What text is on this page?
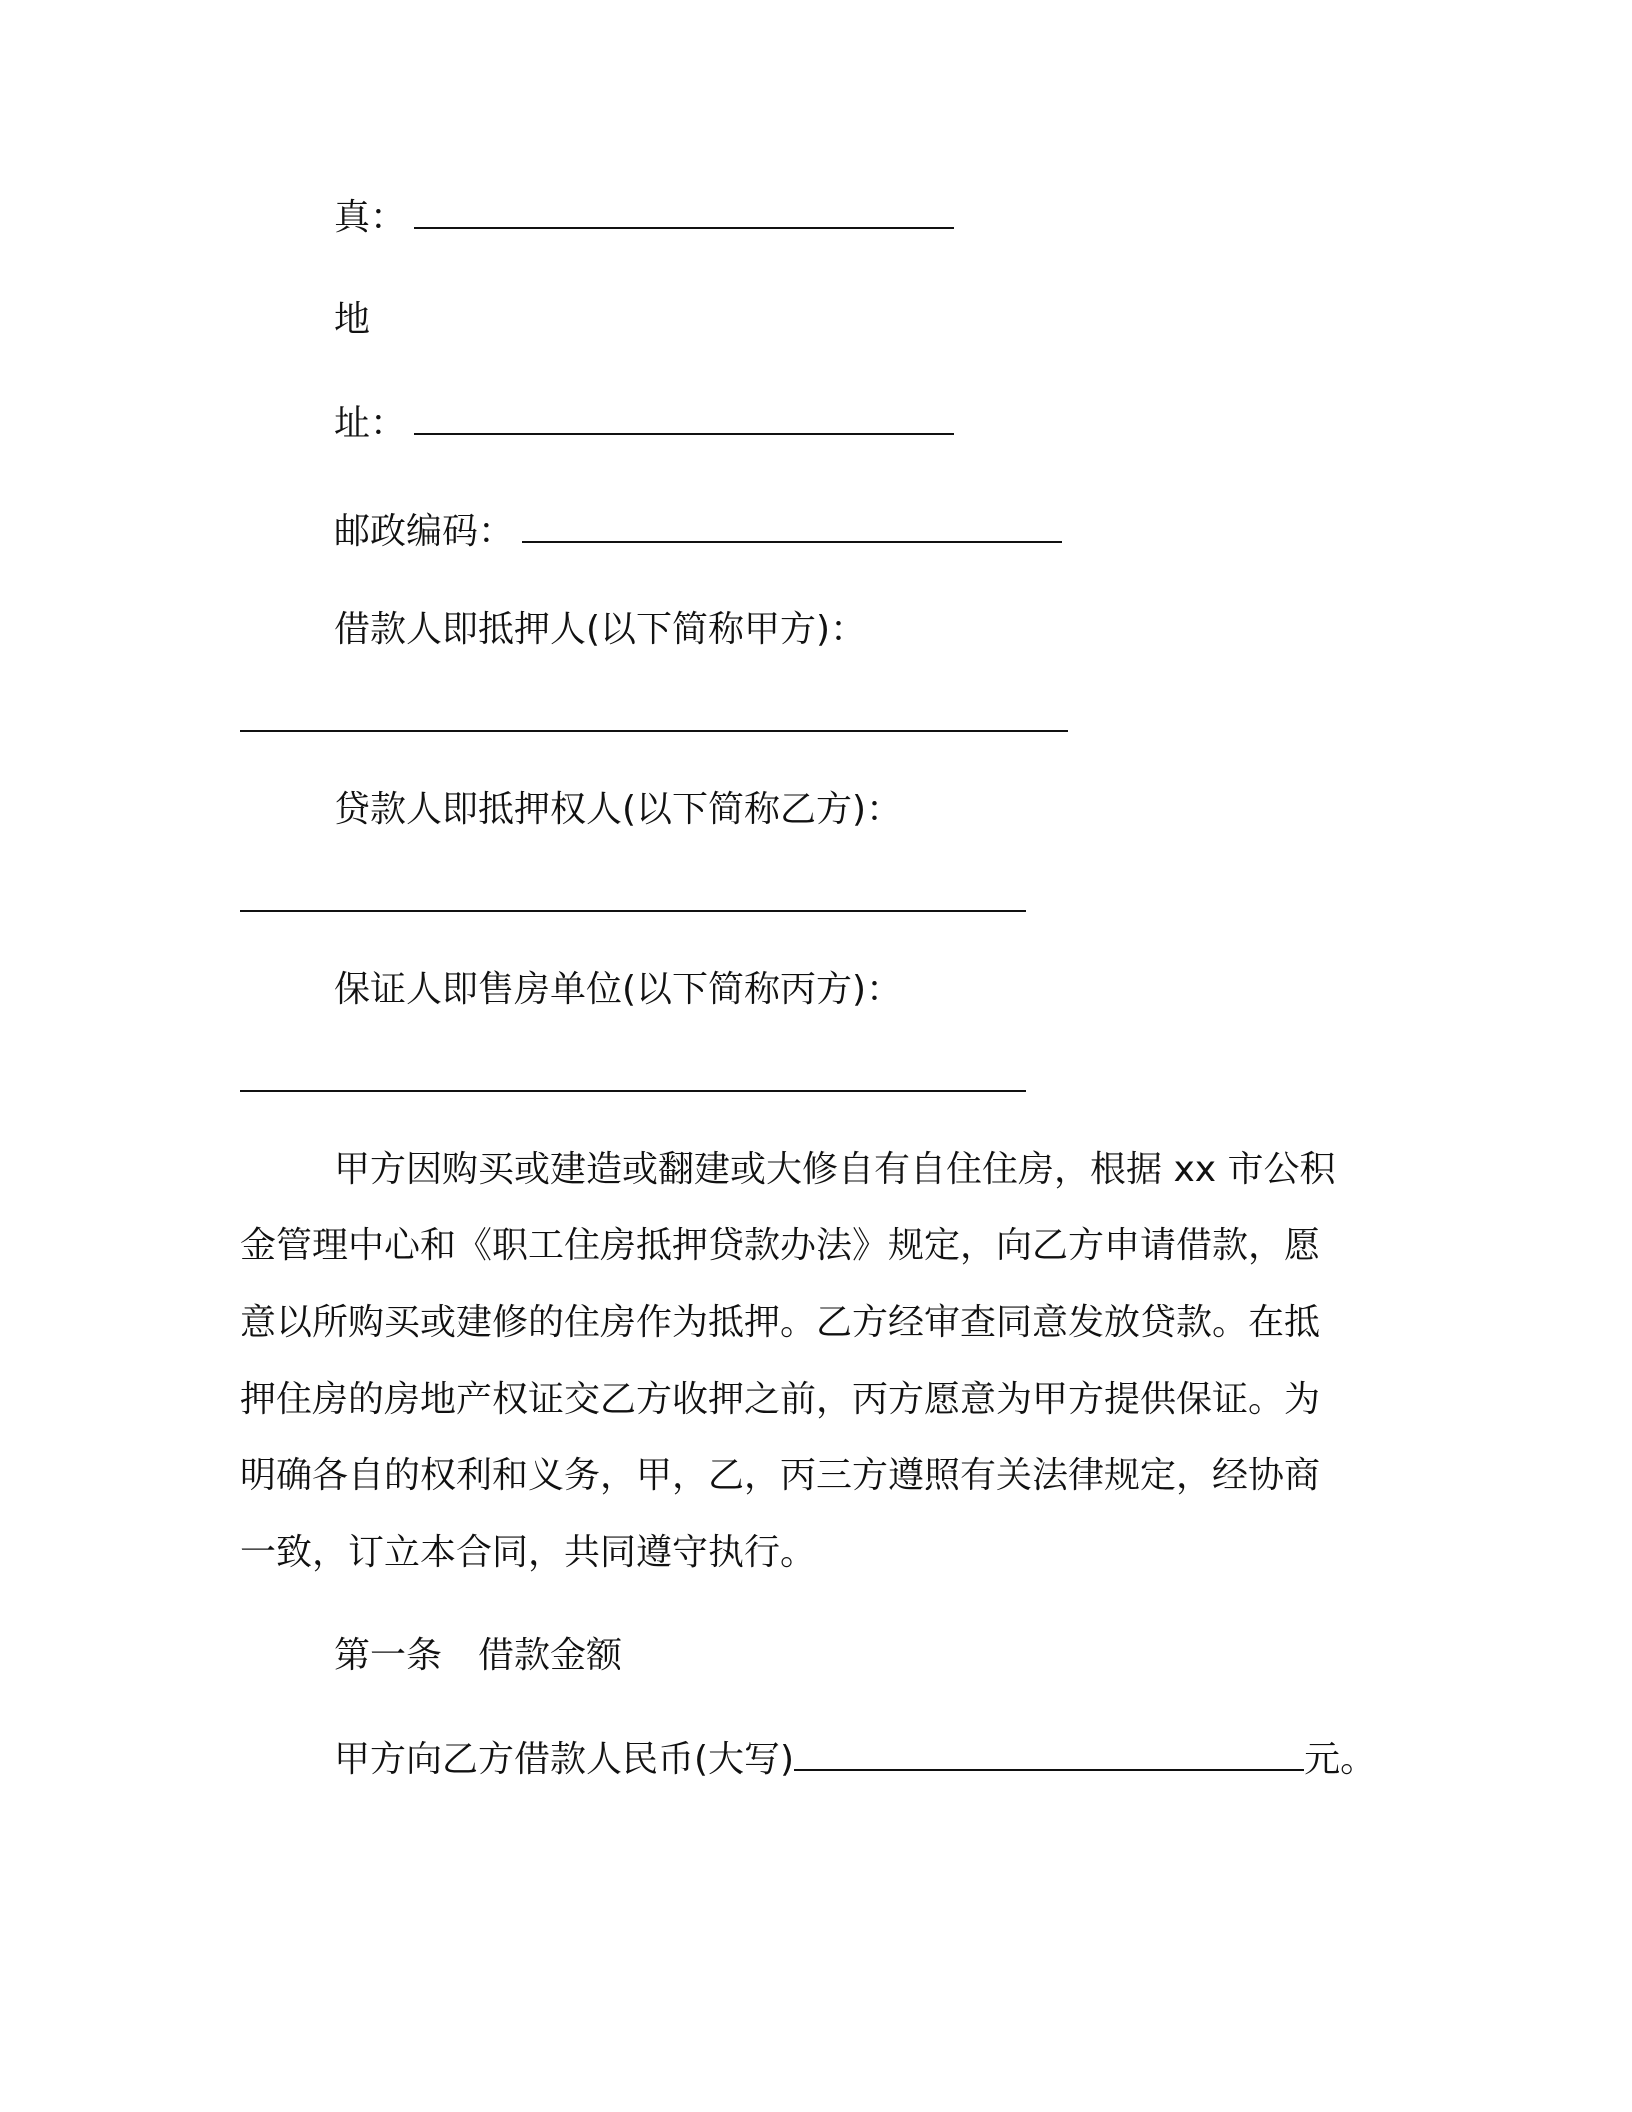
真：
地
址：
邮政编码：
借款人即抵押人(以下简称甲方)：
贷款人即抵押权人(以下简称乙方)：
保证人即售房单位(以下简称丙方)：
甲方因购买或建造或翻建或大修自有自住住房，根据 xx 市公积
金管理中心和《职工住房抵押贷款办法》规定，向乙方申请借款，愿
意以所购买或建修的住房作为抵押。乙方经审查同意发放贷款。在抵
押住房的房地产权证交乙方收押之前，丙方愿意为甲方提供保证。为
明确各自的权利和义务，甲，乙，丙三方遵照有关法律规定，经协商
一致，订立本合同，共同遵守执行。
第一条　借款金额
甲方向乙方借款人民币(大写)	元。
